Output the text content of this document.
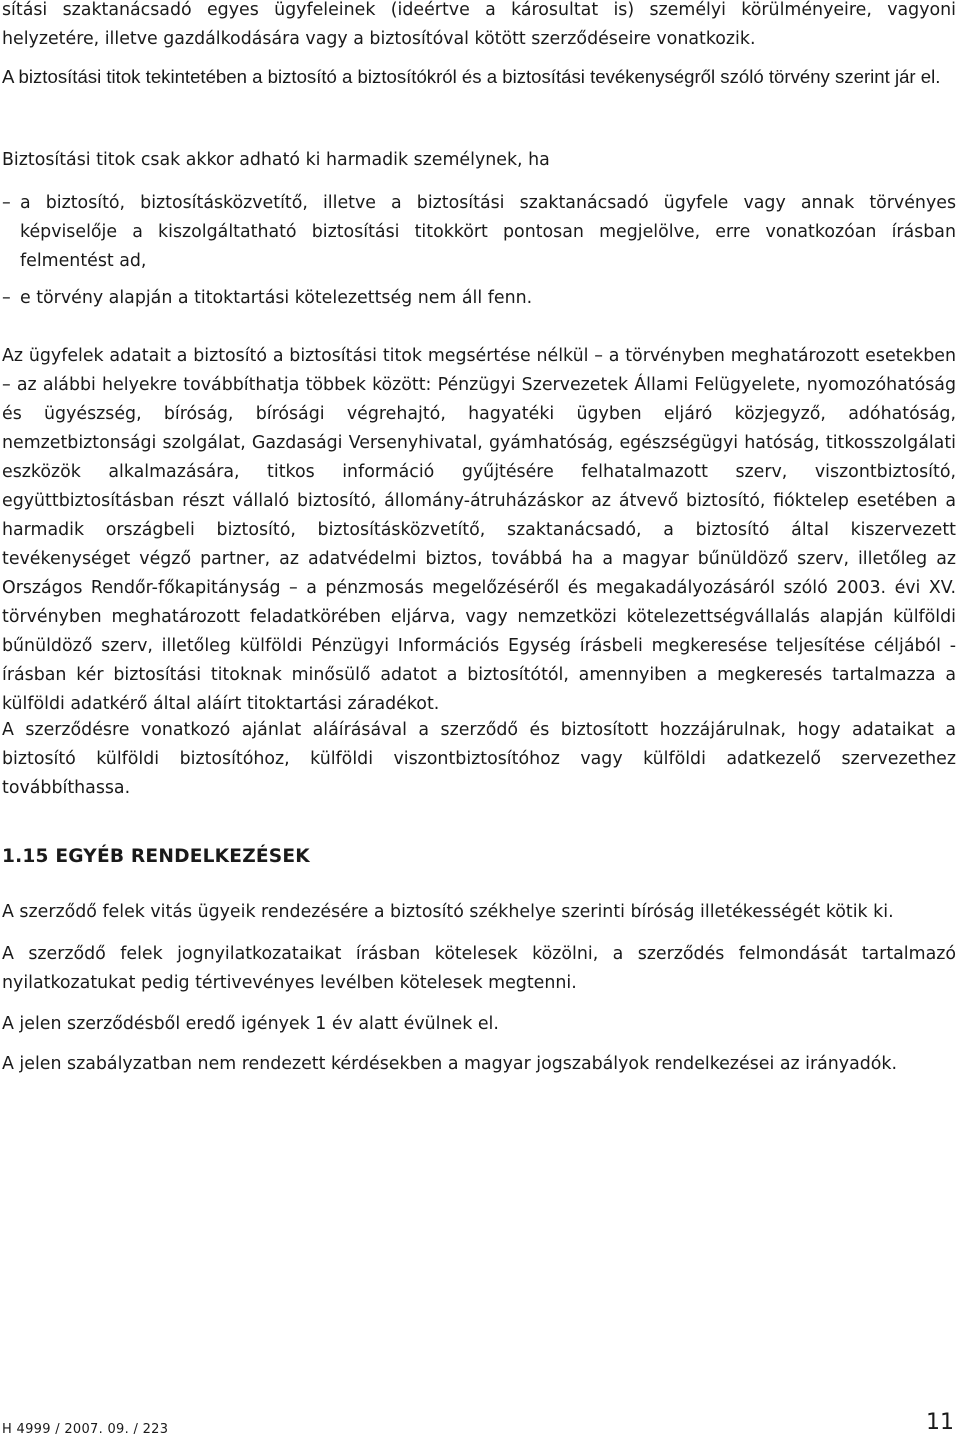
sítási szaktanácsadó egyes ügyfeleinek (ideértve a károsultat is) személyi körülményeire, vagyoni helyzetére, illetve gazdálkodására vagy a biztosítóval kötött szerződéseire vonatkozik.

A biztosítási titok tekintetében a biztosító a biztosítókról és a biztosítási tevékenységről szóló törvény szerint jár el.

Biztosítási titok csak akkor adható ki harmadik személynek, ha

– a biztosító, biztosításközvetítő, illetve a biztosítási szaktanácsadó ügyfele vagy annak törvényes képviselője a kiszolgáltatható biztosítási titokkört pontosan megjelölve, erre vonatkozóan írásban felmentést ad,
– e törvény alapján a titoktartási kötelezettség nem áll fenn.

Az ügyfelek adatait a biztosító a biztosítási titok megsértése nélkül – a törvényben meghatározott esetekben – az alábbi helyekre továbbíthatja többek között: Pénzügyi Szervezetek Állami Felügyelete, nyomozóhatóság és ügyészség, bíróság, bírósági végrehajtó, hagyatéki ügyben eljáró közjegyző, adóhatóság, nemzetbiztonsági szolgálat, Gazdasági Versenyhivatal, gyámhatóság, egészségügyi hatóság, titkosszolgálati eszközök alkalmazására, titkos információ gyűjtésére felhatalmazott szerv, viszontbiztosító, együttbiztosításban részt vállaló biztosító, állomány-átruházáskor az átvevő biztosító, fióktelep esetében a harmadik országbeli biztosító, biztosításközvetítő, szaktanácsadó, a biztosító által kiszervezett tevékenységet végző partner, az adatvédelmi biztos, továbbá ha a magyar bűnüldöző szerv, illetőleg az Országos Rendőr-főkapitányság – a pénzmosás megelőzéséről és megakadályozásáról szóló 2003. évi XV. törvényben meghatározott feladatkörében eljárva, vagy nemzetközi kötelezettségvállalás alapján külföldi bűnüldöző szerv, illetőleg külföldi Pénzügyi Információs Egység írásbeli megkeresése teljesítése céljából - írásban kér biztosítási titoknak minősülő adatot a biztosítótól, amennyiben a megkeresés tartalmazza a külföldi adatkérő által aláírt titoktartási záradékot.

A szerződésre vonatkozó ajánlat aláírásával a szerződő és biztosított hozzájárulnak, hogy adataikat a biztosító külföldi biztosítóhoz, külföldi viszontbiztosítóhoz vagy külföldi adatkezelő szervezethez továbbíthassa.

1.15 EGYÉB RENDELKEZÉSEK

A szerződő felek vitás ügyeik rendezésére a biztosító székhelye szerinti bíróság illetékességét kötik ki.

A szerződő felek jognyilatkozataikat írásban kötelesek közölni, a szerződés felmondását tartalmazó nyilatkozatukat pedig tértivevényes levélben kötelesek megtenni.

A jelen szerződésből eredő igények 1 év alatt évülnek el.

A jelen szabályzatban nem rendezett kérdésekben a magyar jogszabályok rendelkezései az irányadók.

H 4999 / 2007. 09. / 223	11
